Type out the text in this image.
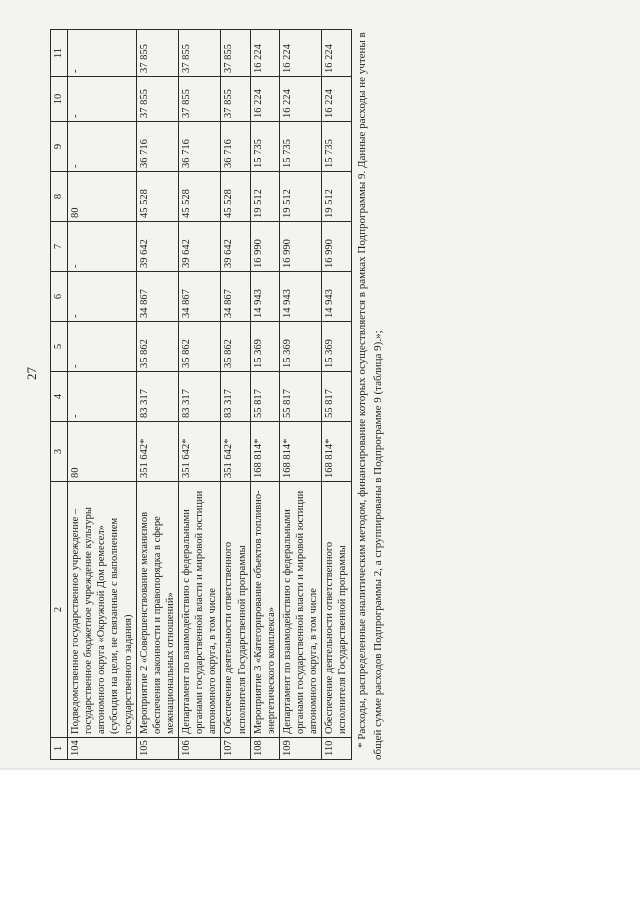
27
1	2	3	4	5	6	7	8	9	10	11
104	Подведомственное государственное учреждение – государственное бюджетное учреждение культуры автономного округа «Окружной Дом ремесел» (субсидия на цели, не связанные с выполнением государственного задания)	80	-	-	-	-	80	-	-	-
105	Мероприятие 2 «Совершенствование механизмов обеспечения законности и правопорядка в сфере межнациональных отношений»	351 642*	83 317	35 862	34 867	39 642	45 528	36 716	37 855	37 855
106	Департамент по взаимодействию с федеральными органами государственной власти и мировой юстиции автономного округа, в том числе	351 642*	83 317	35 862	34 867	39 642	45 528	36 716	37 855	37 855
107	Обеспечение деятельности ответственного исполнителя Государственной программы	351 642*	83 317	35 862	34 867	39 642	45 528	36 716	37 855	37 855
108	Мероприятие 3 «Категорирование объектов топливно-энергетического комплекса»	168 814*	55 817	15 369	14 943	16 990	19 512	15 735	16 224	16 224
109	Департамент по взаимодействию с федеральными органами государственной власти и мировой юстиции автономного округа, в том числе	168 814*	55 817	15 369	14 943	16 990	19 512	15 735	16 224	16 224
110	Обеспечение деятельности ответственного исполнителя Государственной программы	168 814*	55 817	15 369	14 943	16 990	19 512	15 735	16 224	16 224 * Расходы, распределенные аналитическим методом, финансирование которых осуществляется в рамках Подпрограммы 9. Данные расходы не учтены в общей сумме расходов Подпрограммы 2, а сгруппированы в Подпрограмме 9 (таблица 9).»;
